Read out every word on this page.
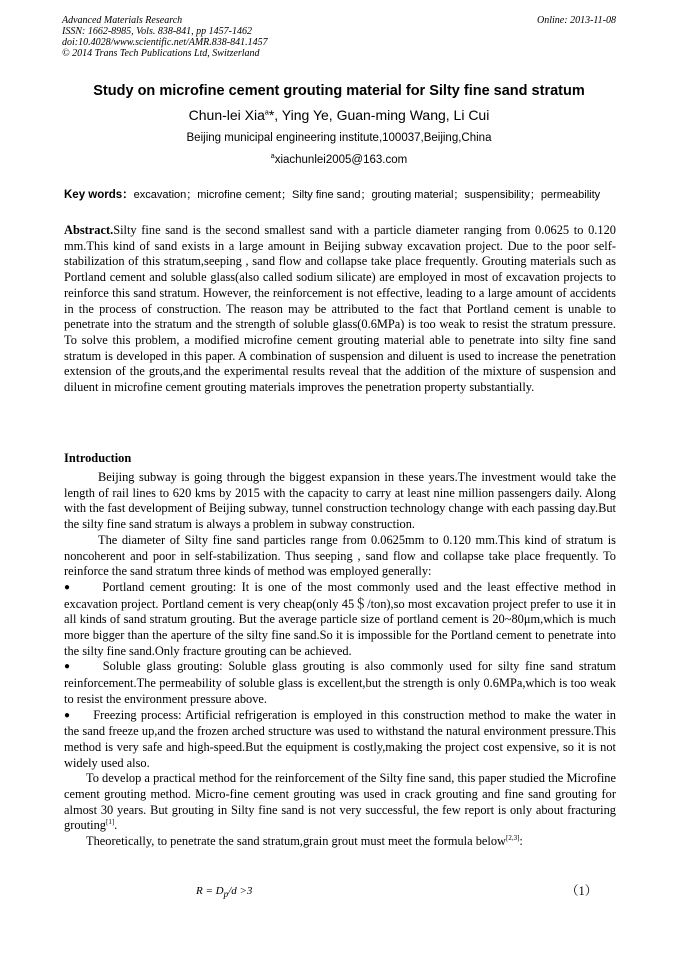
Advanced Materials Research
ISSN: 1662-8985, Vols. 838-841, pp 1457-1462
doi:10.4028/www.scientific.net/AMR.838-841.1457
© 2014 Trans Tech Publications Ltd, Switzerland
Online: 2013-11-08
Study on microfine cement grouting material for Silty fine sand stratum
Chun-lei Xia$^a$*, Ying Ye, Guan-ming Wang, Li Cui
Beijing municipal engineering institute,100037,Beijing,China
$^a$xiachunlei2005@163.com
Key words：excavation；microfine cement；Silty fine sand；grouting material；suspensibility；permeability
Abstract.Silty fine sand is the second smallest sand with a particle diameter ranging from 0.0625 to 0.120 mm.This kind of sand exists in a large amount in Beijing subway excavation project. Due to the poor self-stabilization of this stratum,seeping , sand flow and collapse take place frequently. Grouting materials such as Portland cement and soluble glass(also called sodium silicate) are employed in most of excavation projects to reinforce this sand stratum. However, the reinforcement is not effective, leading to a large amount of accidents in the process of construction. The reason may be attributed to the fact that Portland cement is unable to penetrate into the stratum and the strength of soluble glass(0.6MPa) is too weak to resist the stratum pressure. To solve this problem, a modified microfine cement grouting material able to penetrate into silty fine sand stratum is developed in this paper. A combination of suspension and diluent is used to increase the penetration extension of the grouts,and the experimental results reveal that the addition of the mixture of suspension and diluent in microfine cement grouting materials improves the penetration property substantially.
Introduction

Beijing subway is going through the biggest expansion in these years.The investment would take the length of rail lines to 620 kms by 2015 with the capacity to carry at least nine million passengers daily. Along with the fast development of Beijing subway, tunnel construction technology change with each passing day.But the silty fine sand stratum is always a problem in subway construction.

The diameter of Silty fine sand particles range from 0.0625mm to 0.120 mm.This kind of stratum is noncoherent and poor in self-stabilization. Thus seeping , sand flow and collapse take place frequently. To reinforce the sand stratum three kinds of method was employed generally:

● Portland cement grouting: It is one of the most commonly used and the least effective method in excavation project. Portland cement is very cheap(only 45＄/ton),so most excavation project prefer to use it in all kinds of sand stratum grouting. But the average particle size of portland cement is 20~80μm,which is much more bigger than the aperture of the silty fine sand.So it is impossible for the Portland cement to penetrate into the silty fine sand.Only fracture grouting can be achieved.

● Soluble glass grouting: Soluble glass grouting is also commonly used for silty fine sand stratum reinforcement.The permeability of soluble glass is excellent,but the strength is only 0.6MPa,which is too weak to resist the environment pressure above.

● Freezing process: Artificial refrigeration is employed in this construction method to make the water in the sand freeze up,and the frozen arched structure was used to withstand the natural environment pressure.This method is very safe and high-speed.But the equipment is costly,making the project cost expensive, so it is not widely used also.

To develop a practical method for the reinforcement of the Silty fine sand, this paper studied the Microfine cement grouting method. Micro-fine cement grouting was used in crack grouting and fine sand grouting for almost 30 years. But grouting in Silty fine sand is not very successful, the few report is only about fracturing grouting[1].

Theoretically, to penetrate the sand stratum,grain grout must meet the formula below[2,3]:

$R = D_p/d >3$	（1）
